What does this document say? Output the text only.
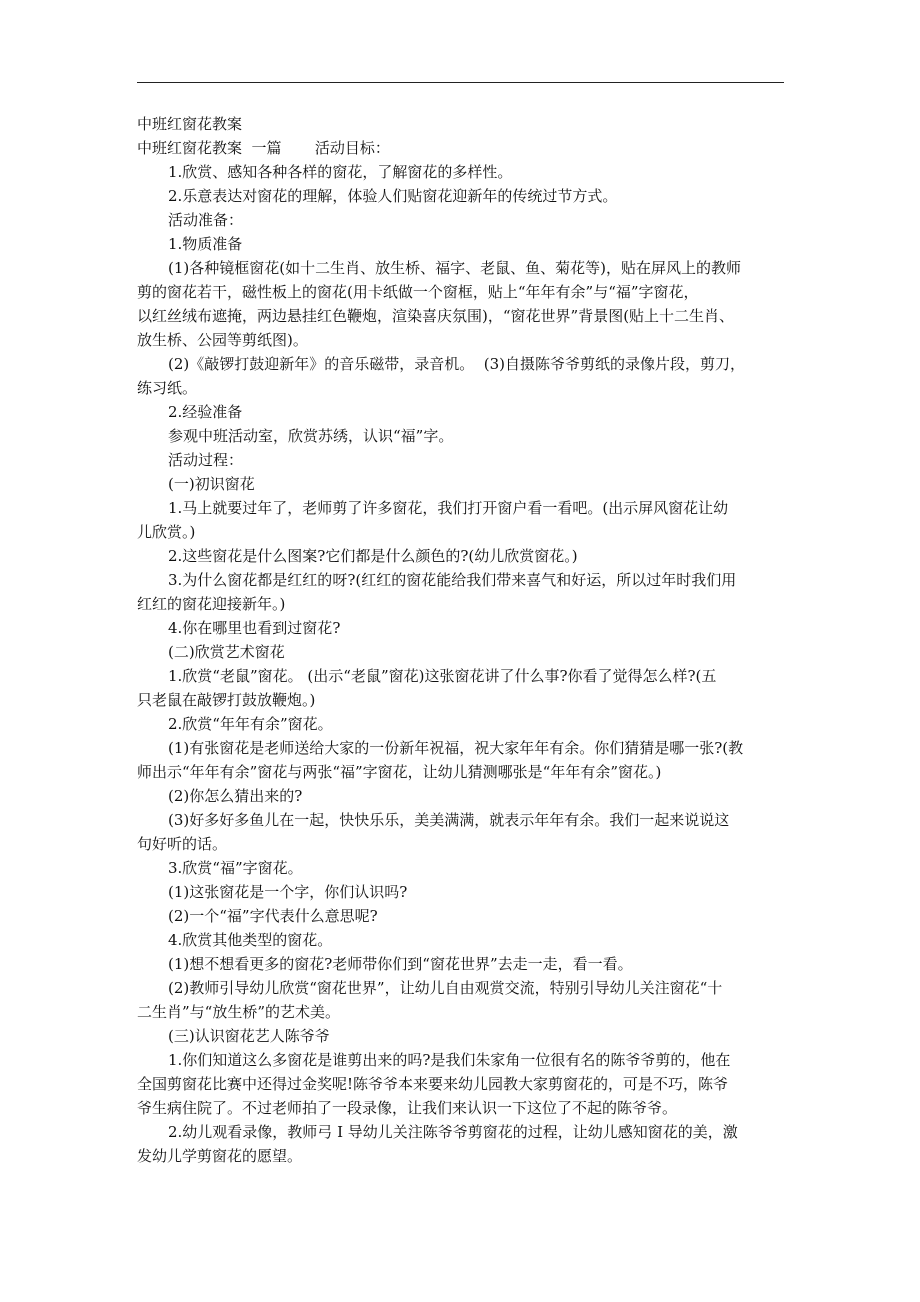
中班红窗花教案
中班红窗花教案  一篇       活动目标：
1.欣赏、感知各种各样的窗花，了解窗花的多样性。
2.乐意表达对窗花的理解，体验人们贴窗花迎新年的传统过节方式。
活动准备：
1.物质准备
(1)各种镜框窗花(如十二生肖、放生桥、福字、老鼠、鱼、菊花等)，贴在屏风上的教师
剪的窗花若干，磁性板上的窗花(用卡纸做一个窗框，贴上“年年有余”与“福”字窗花，
以红丝绒布遮掩，两边悬挂红色鞭炮，渲染喜庆氛围)，“窗花世界”背景图(贴上十二生肖、
放生桥、公园等剪纸图)。
(2)《敲锣打鼓迎新年》的音乐磁带，录音机。  (3)自摄陈爷爷剪纸的录像片段，剪刀，
练习纸。
2.经验准备
参观中班活动室，欣赏苏绣，认识“福”字。
活动过程：
(一)初识窗花
1.马上就要过年了，老师剪了许多窗花，我们打开窗户看一看吧。(出示屏风窗花让幼
儿欣赏。)
2.这些窗花是什么图案?它们都是什么颜色的?(幼儿欣赏窗花。)
3.为什么窗花都是红红的呀?(红红的窗花能给我们带来喜气和好运，所以过年时我们用
红红的窗花迎接新年。)
4.你在哪里也看到过窗花?
(二)欣赏艺术窗花
1.欣赏“老鼠”窗花。 (出示“老鼠”窗花)这张窗花讲了什么事?你看了觉得怎么样?(五
只老鼠在敲锣打鼓放鞭炮。)
2.欣赏“年年有余”窗花。
(1)有张窗花是老师送给大家的一份新年祝福，祝大家年年有余。你们猜猜是哪一张?(教
师出示“年年有余”窗花与两张“福”字窗花，让幼儿猜测哪张是“年年有余”窗花。)
(2)你怎么猜出来的?
(3)好多好多鱼儿在一起，快快乐乐，美美满满，就表示年年有余。我们一起来说说这
句好听的话。
3.欣赏“福”字窗花。
(1)这张窗花是一个字，你们认识吗?
(2)一个“福”字代表什么意思呢?
4.欣赏其他类型的窗花。
(1)想不想看更多的窗花?老师带你们到“窗花世界”去走一走，看一看。
(2)教师引导幼儿欣赏“窗花世界”，让幼儿自由观赏交流，特别引导幼儿关注窗花“十
二生肖”与“放生桥”的艺术美。
(三)认识窗花艺人陈爷爷
1.你们知道这么多窗花是谁剪出来的吗?是我们朱家角一位很有名的陈爷爷剪的，他在
全国剪窗花比赛中还得过金奖呢!陈爷爷本来要来幼儿园教大家剪窗花的，可是不巧，陈爷
爷生病住院了。不过老师拍了一段录像，让我们来认识一下这位了不起的陈爷爷。
2.幼儿观看录像，教师弓 I 导幼儿关注陈爷爷剪窗花的过程，让幼儿感知窗花的美，激
发幼儿学剪窗花的愿望。
